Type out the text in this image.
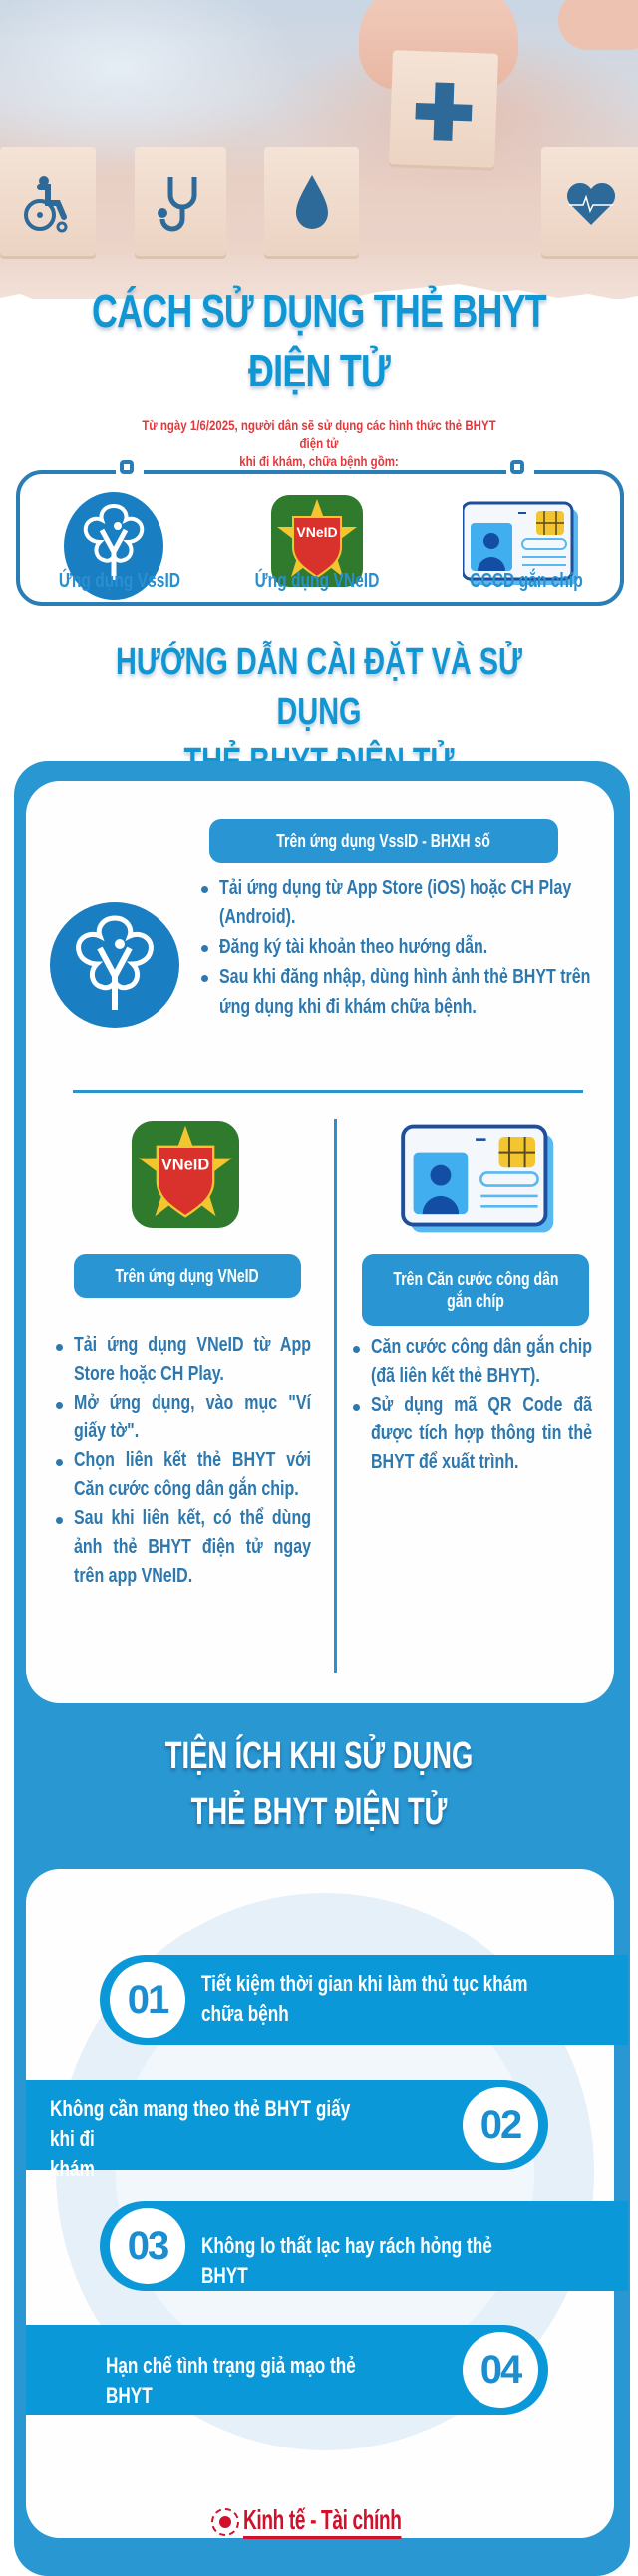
CÁCH SỬ DỤNG THẺ BHYT ĐIỆN TỬ
Từ ngày 1/6/2025, người dân sẽ sử dụng các hình thức thẻ BHYT điện tử
khi đi khám, chữa bệnh gồm:
Ứng dụng VssID
VNeID
Ứng dụng VNeID	CCCD gắn chíp
HƯỚNG DẪN CÀI ĐẶT VÀ SỬ DỤNG
Trên ứng dụng VssID - BHXH số
Tải ứng dụng từ App Store (iOS) hoặc CH Play (Android).
Đăng ký tài khoản theo hướng dẫn.
Sau khi đăng nhập, dùng hình ảnh thẻ BHYT trên ứng dụng khi đi khám chữa bệnh.
VNeID
Trên ứng dụng VNeID
Tải ứng dụng VNeID từ App Store hoặc CH Play.
Mở ứng dụng, vào mục "Ví giấy tờ".
Chọn liên kết thẻ BHYT với Căn cước công dân gắn chip.
Sau khi liên kết, có thể dùng ảnh thẻ BHYT điện tử ngay trên app VNeID.
Trên Căn cước công dân
gắn chíp
Căn cước công dân gắn chip (đã liên kết thẻ BHYT).
Sử dụng mã QR Code đã được tích hợp thông tin thẻ BHYT để xuất trình.
TIỆN ÍCH KHI SỬ DỤNG
THẺ BHYT ĐIỆN TỬ
01	Tiết kiệm thời gian khi làm thủ tục khám
chữa bệnh
02
Không cần mang theo thẻ BHYT giấy khi đi
khám
03	Không lo thất lạc hay rách hỏng thẻ BHYT
04
Hạn chế tình trạng giả mạo thẻ BHYT
Kinh tế - Tài chính
